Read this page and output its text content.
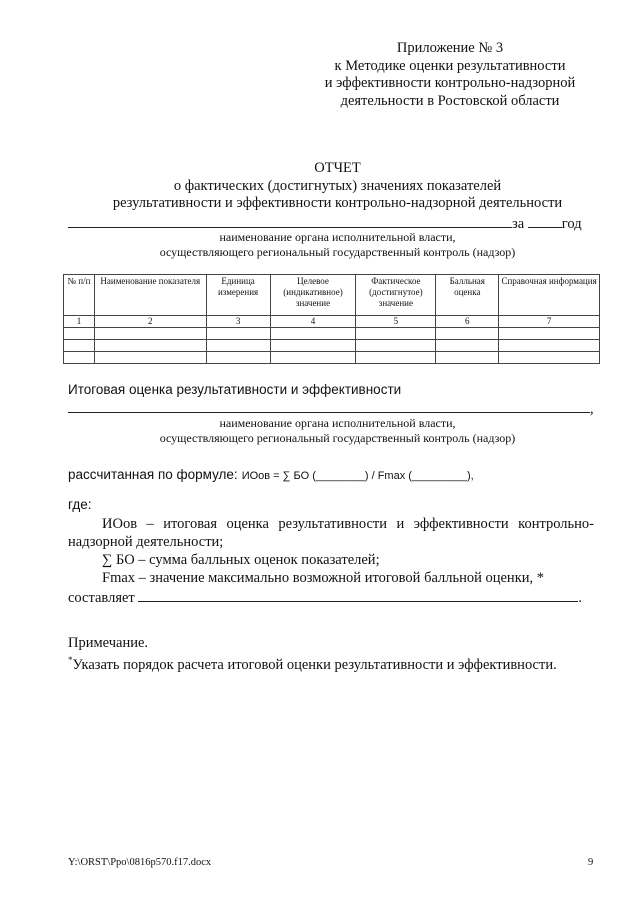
Приложение № 3
к Методике оценки результативности
и эффективности контрольно-надзорной
деятельности в Ростовской области
ОТЧЕТ
о фактических (достигнутых) значениях показателей
результативности и эффективности контрольно-надзорной деятельности
за	год
наименование органа исполнительной власти,
осуществляющего региональный государственный контроль (надзор)
№ п/п	Наименование показателя	Единица измерения	Целевое (индикативное) значение	Фактическое (достигнутое) значение	Балльная оценка	Справочная информация
1	2	3	4	5	6	7

Итоговая оценка результативности и эффективности
,
наименование органа исполнительной власти,
осуществляющего региональный государственный контроль (надзор)
рассчитанная по формуле: ИОов = ∑ БО (________) / Fmax (_________),
где:
ИОов – итоговая оценка результативности и эффективности контрольно-надзорной деятельности;
∑ БО – сумма балльных оценок показателей;
Fmax – значение максимально возможной итоговой балльной оценки, *
составляет	.
Примечание.
*Указать порядок расчета итоговой оценки результативности и эффективности.
Y:\ORST\Ppo\0816p570.f17.docx	9
